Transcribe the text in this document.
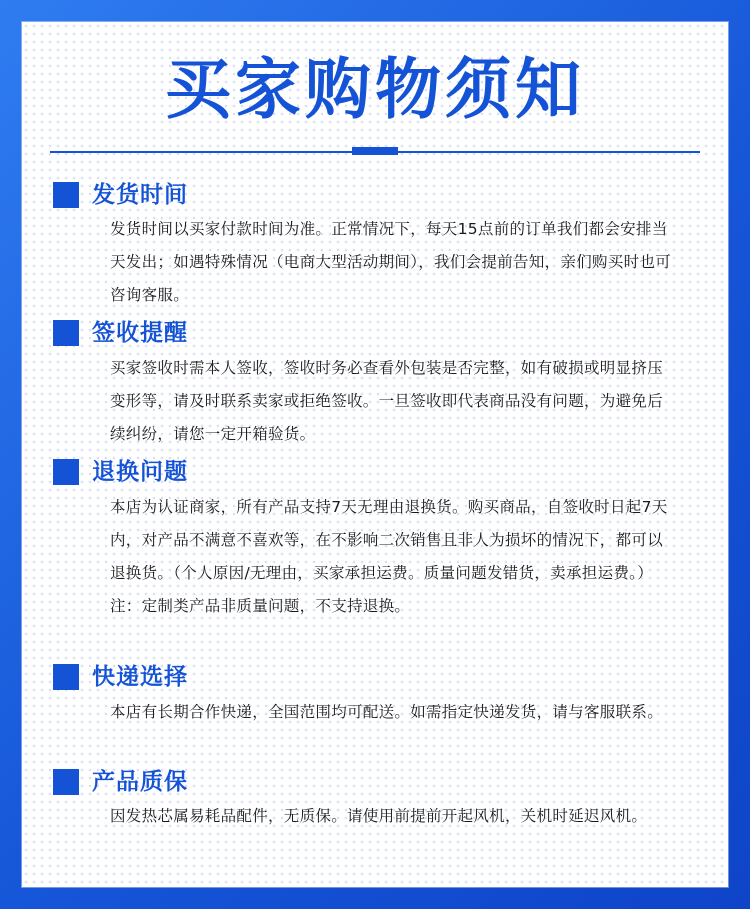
买家购物须知
发货时间

发货时间以买家付款时间为准。正常情况下，每天15点前的订单我们都会安排当天发出；如遇特殊情况（电商大型活动期间），我们会提前告知，亲们购买时也可咨询客服。

签收提醒

买家签收时需本人签收，签收时务必查看外包装是否完整，如有破损或明显挤压变形等，请及时联系卖家或拒绝签收。一旦签收即代表商品没有问题，为避免后续纠纷，请您一定开箱验货。

退换问题

本店为认证商家，所有产品支持7天无理由退换货。购买商品，自签收时日起7天内，对产品不满意不喜欢等，在不影响二次销售且非人为损坏的情况下，都可以退换货。（个人原因/无理由，买家承担运费。质量问题发错货，卖承担运费。）

注：定制类产品非质量问题，不支持退换。

快递选择

本店有长期合作快递，全国范围均可配送。如需指定快递发货，请与客服联系。

产品质保

因发热芯属易耗品配件，无质保。请使用前提前开起风机，关机时延迟风机。
